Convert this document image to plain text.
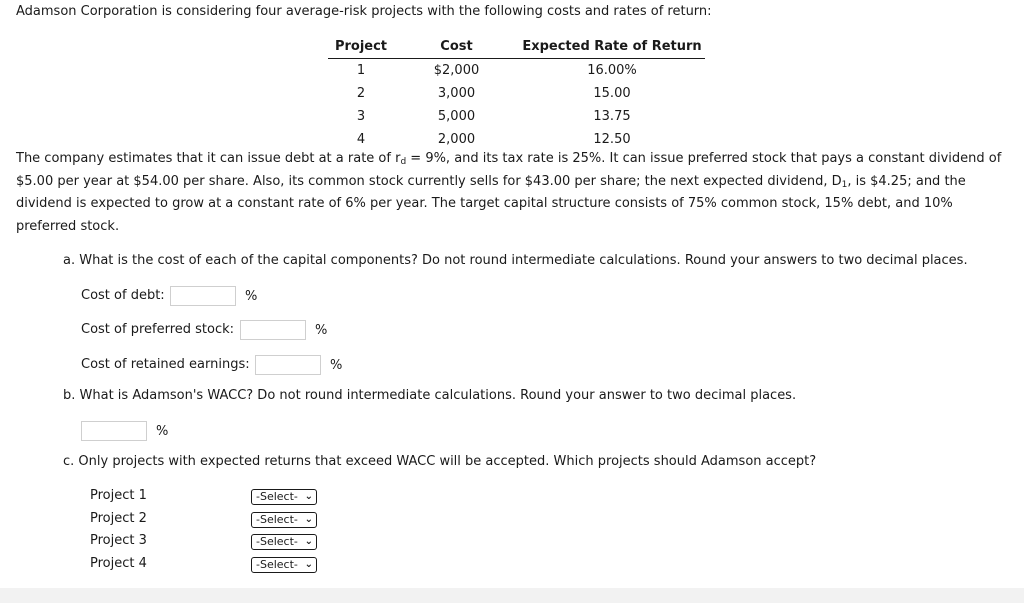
Adamson Corporation is considering four average-risk projects with the following costs and rates of return:
Project	Cost	Expected Rate of Return
1	$2,000	16.00%
2	3,000	15.00
3	5,000	13.75
4	2,000	12.50
The company estimates that it can issue debt at a rate of $r_d = 9\%$, and its tax rate is 25%. It can issue preferred stock that pays a constant dividend of
$5.00 per year at $54.00 per share. Also, its common stock currently sells for $43.00 per share; the next expected dividend, $D_1$, is $4.25; and the
dividend is expected to grow at a constant rate of 6% per year. The target capital structure consists of 75% common stock, 15% debt, and 10%
preferred stock.
a. What is the cost of each of the capital components? Do not round intermediate calculations. Round your answers to two decimal places.
Cost of debt:	%
Cost of preferred stock:	%
Cost of retained earnings:	%
b. What is Adamson's WACC? Do not round intermediate calculations. Round your answer to two decimal places.
%
c. Only projects with expected returns that exceed WACC will be accepted. Which projects should Adamson accept?
Project 1	-Select- ⌄
Project 2	-Select- ⌄
Project 3	-Select- ⌄
Project 4	-Select- ⌄
